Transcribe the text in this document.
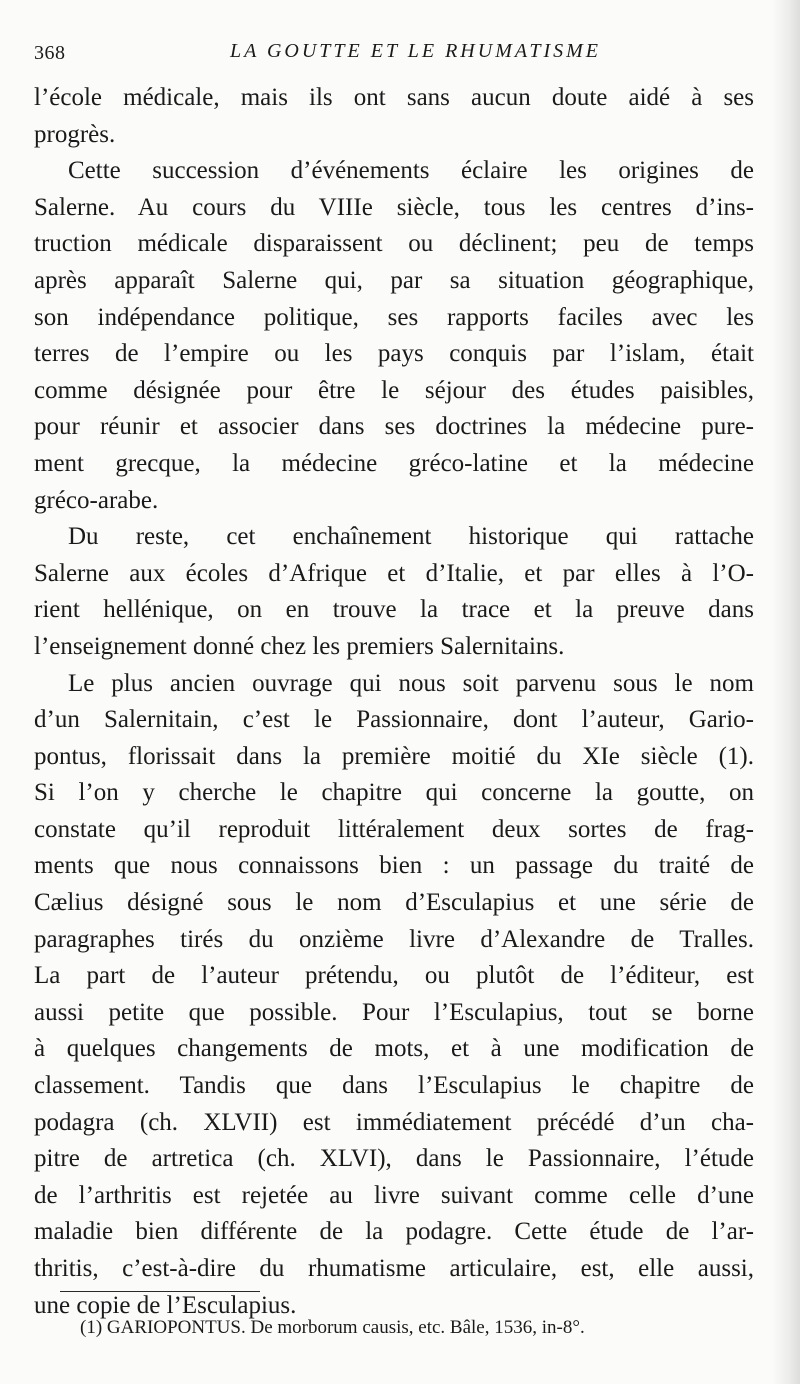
368	LA GOUTTE ET LE RHUMATISME
l’école médicale, mais ils ont sans aucun doute aidé à ses
progrès.
Cette succession d’événements éclaire les origines de
Salerne. Au cours du VIIIe siècle, tous les centres d’ins-
truction médicale disparaissent ou déclinent; peu de temps
après apparaît Salerne qui, par sa situation géographique,
son indépendance politique, ses rapports faciles avec les
terres de l’empire ou les pays conquis par l’islam, était
comme désignée pour être le séjour des études paisibles,
pour réunir et associer dans ses doctrines la médecine pure-
ment grecque, la médecine gréco-latine et la médecine
gréco-arabe.
Du reste, cet enchaînement historique qui rattache
Salerne aux écoles d’Afrique et d’Italie, et par elles à l’O-
rient hellénique, on en trouve la trace et la preuve dans
l’enseignement donné chez les premiers Salernitains.
Le plus ancien ouvrage qui nous soit parvenu sous le nom
d’un Salernitain, c’est le Passionnaire, dont l’auteur, Gario-
pontus, florissait dans la première moitié du XIe siècle (1).
Si l’on y cherche le chapitre qui concerne la goutte, on
constate qu’il reproduit littéralement deux sortes de frag-
ments que nous connaissons bien : un passage du traité de
Cælius désigné sous le nom d’Esculapius et une série de
paragraphes tirés du onzième livre d’Alexandre de Tralles.
La part de l’auteur prétendu, ou plutôt de l’éditeur, est
aussi petite que possible. Pour l’Esculapius, tout se borne
à quelques changements de mots, et à une modification de
classement. Tandis que dans l’Esculapius le chapitre de
podagra (ch. XLVII) est immédiatement précédé d’un cha-
pitre de artretica (ch. XLVI), dans le Passionnaire, l’étude
de l’arthritis est rejetée au livre suivant comme celle d’une
maladie bien différente de la podagre. Cette étude de l’ar-
thritis, c’est-à-dire du rhumatisme articulaire, est, elle aussi,
une copie de l’Esculapius.
(1) GARIOPONTUS. De morborum causis, etc. Bâle, 1536, in-8°.
